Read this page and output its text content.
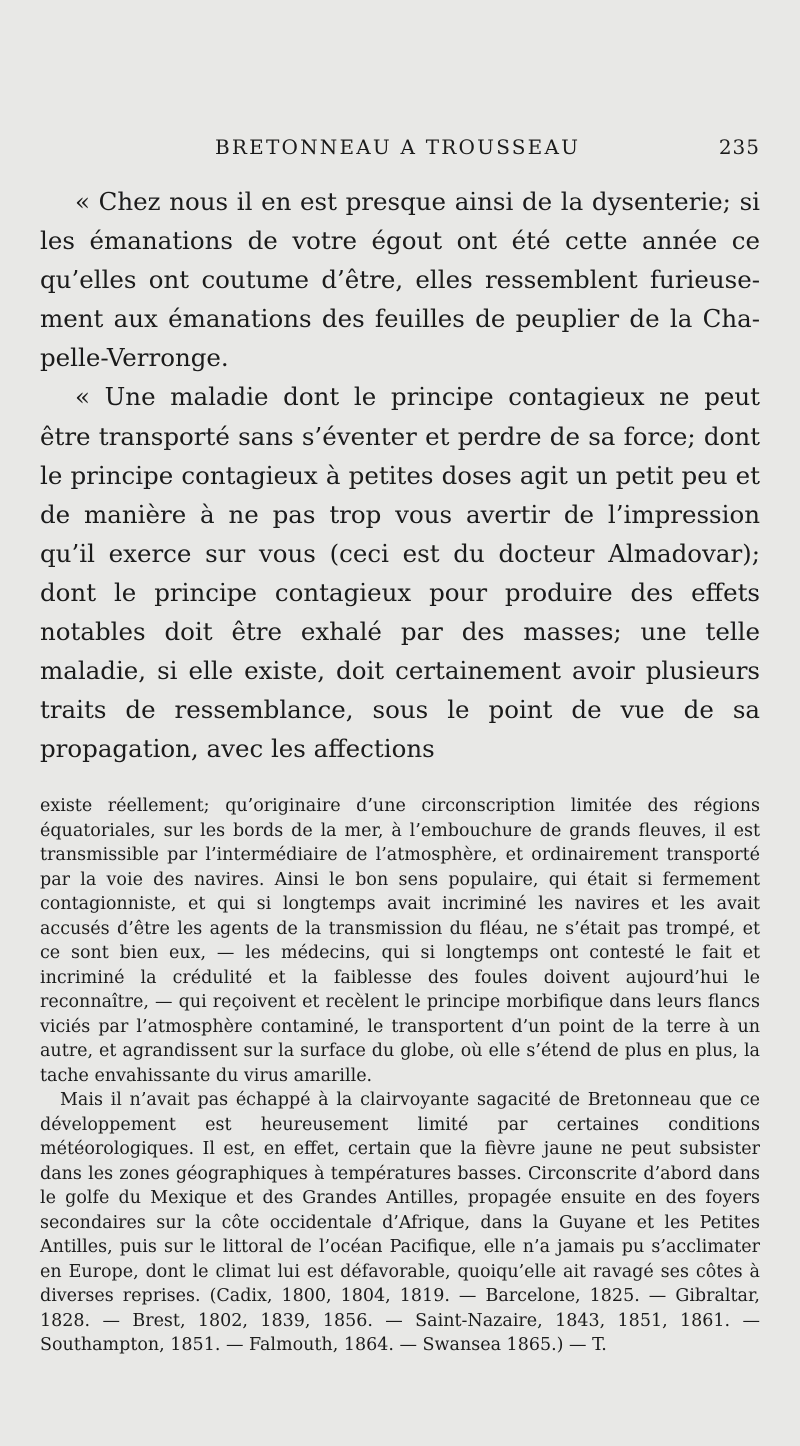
BRETONNEAU A TROUSSEAU	235

« Chez nous il en est presque ainsi de la dysenterie; si les émanations de votre égout ont été cette année ce qu’elles ont coutume d’être, elles ressemblent furieusement aux émanations des feuilles de peuplier de la Chapelle-Verronge.

« Une maladie dont le principe contagieux ne peut être transporté sans s’éventer et perdre de sa force; dont le principe contagieux à petites doses agit un petit peu et de manière à ne pas trop vous avertir de l’impression qu’il exerce sur vous (ceci est du docteur Almadovar); dont le principe contagieux pour produire des effets notables doit être exhalé par des masses; une telle maladie, si elle existe, doit certainement avoir plusieurs traits de ressemblance, sous le point de vue de sa propagation, avec les affections

existe réellement; qu’originaire d’une circonscription limitée des régions équatoriales, sur les bords de la mer, à l’embouchure de grands fleuves, il est transmissible par l’intermédiaire de l’atmosphère, et ordinairement transporté par la voie des navires. Ainsi le bon sens populaire, qui était si fermement contagionniste, et qui si longtemps avait incriminé les navires et les avait accusés d’être les agents de la transmission du fléau, ne s’était pas trompé, et ce sont bien eux, — les médecins, qui si longtemps ont contesté le fait et incriminé la crédulité et la faiblesse des foules doivent aujourd’hui le reconnaître, — qui reçoivent et recèlent le principe morbifique dans leurs flancs viciés par l’atmosphère contaminé, le transportent d’un point de la terre à un autre, et agrandissent sur la surface du globe, où elle s’étend de plus en plus, la tache envahissante du virus amarille.

Mais il n’avait pas échappé à la clairvoyante sagacité de Bretonneau que ce développement est heureusement limité par certaines conditions météorologiques. Il est, en effet, certain que la fièvre jaune ne peut subsister dans les zones géographiques à températures basses. Circonscrite d’abord dans le golfe du Mexique et des Grandes Antilles, propagée ensuite en des foyers secondaires sur la côte occidentale d’Afrique, dans la Guyane et les Petites Antilles, puis sur le littoral de l’océan Pacifique, elle n’a jamais pu s’acclimater en Europe, dont le climat lui est défavorable, quoiqu’elle ait ravagé ses côtes à diverses reprises. (Cadix, 1800, 1804, 1819. — Barcelone, 1825. — Gibraltar, 1828. — Brest, 1802, 1839, 1856. — Saint-Nazaire, 1843, 1851, 1861. — Southampton, 1851. — Falmouth, 1864. — Swansea 1865.) — T.
